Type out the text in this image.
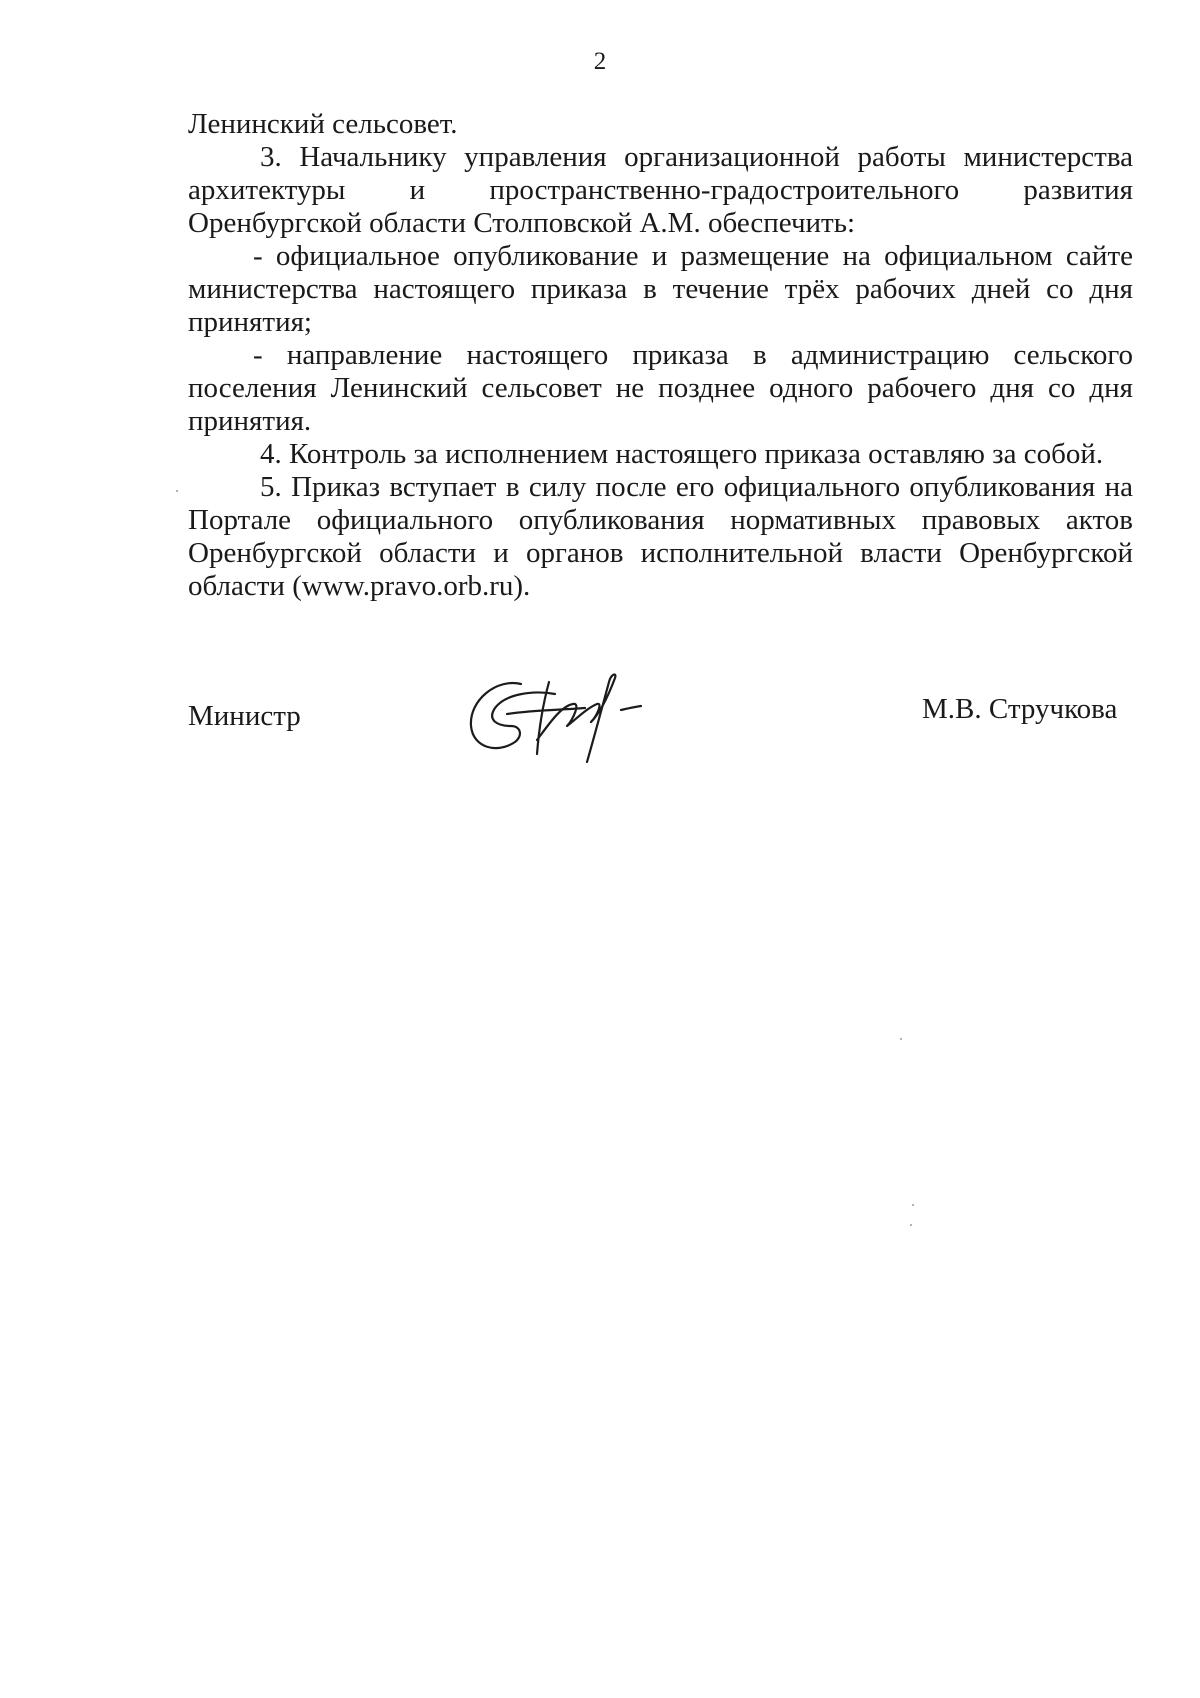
2

Ленинский сельсовет.

3. Начальнику управления организационной работы министерства архитектуры и пространственно-градостроительного развития Оренбургской области Столповской А.М. обеспечить:

- официальное опубликование и размещение на официальном сайте министерства настоящего приказа в течение трёх рабочих дней со дня принятия;

- направление настоящего приказа в администрацию сельского поселения Ленинский сельсовет не позднее одного рабочего дня со дня принятия.

4. Контроль за исполнением настоящего приказа оставляю за собой.

5. Приказ вступает в силу после его официального опубликования на Портале официального опубликования нормативных правовых актов Оренбургской области и органов исполнительной власти Оренбургской области (www.pravo.orb.ru).

Министр	М.В. Стручкова
